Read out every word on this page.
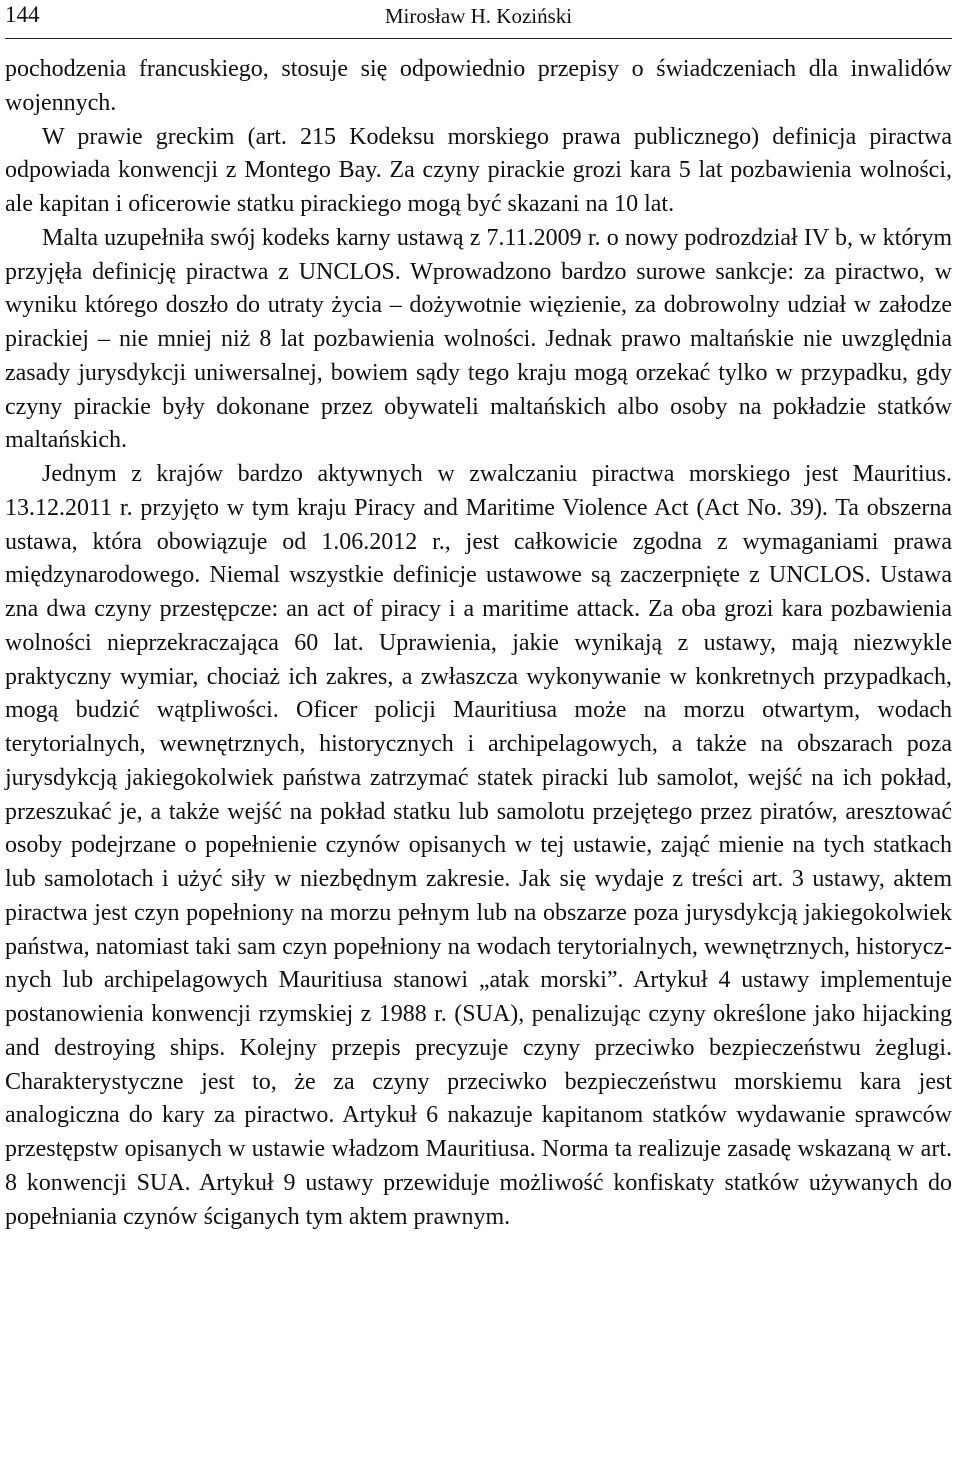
144	Mirosław H. Koziński

pochodzenia francuskiego, stosuje się odpowiednio przepisy o świadczeniach dla inwalidów wojennych.

W prawie greckim (art. 215 Kodeksu morskiego prawa publicznego) definicja piractwa odpowiada konwencji z Montego Bay. Za czyny pirackie grozi kara 5 lat pozbawienia wolności, ale kapitan i oficerowie statku pirackiego mogą być skazani na 10 lat.

Malta uzupełniła swój kodeks karny ustawą z 7.11.2009 r. o nowy podrozdział IV b, w którym przyjęła definicję piractwa z UNCLOS. Wprowadzono bardzo surowe sankcje: za piractwo, w wyniku którego doszło do utraty życia – dożywotnie więzienie, za dobrowolny udział w załodze pirackiej – nie mniej niż 8 lat pozbawienia wolności. Jednak prawo maltańskie nie uwzględnia zasady jurysdykcji uniwersalnej, bowiem sądy tego kraju mogą orzekać tylko w przypadku, gdy czyny pirackie były dokonane przez obywateli maltańskich albo osoby na pokładzie statków maltańskich.

Jednym z krajów bardzo aktywnych w zwalczaniu piractwa morskiego jest Mauritius. 13.12.2011 r. przyjęto w tym kraju Piracy and Maritime Violence Act (Act No. 39). Ta obszerna ustawa, która obowiązuje od 1.06.2012 r., jest całkowicie zgodna z wymaganiami prawa międzynarodowego. Niemal wszystkie definicje ustawowe są zaczerpnięte z UNCLOS. Ustawa zna dwa czyny przestępcze: an act of piracy i a maritime attack. Za oba grozi kara pozbawienia wolności nieprzekraczająca 60 lat. Uprawienia, jakie wynikają z ustawy, mają niezwykle praktyczny wymiar, chociaż ich zakres, a zwłaszcza wykonywanie w konkretnych przypadkach, mogą budzić wątpliwości. Oficer policji Mauritiusa może na morzu otwartym, wodach terytorialnych, wewnętrznych, historycznych i archipelagowych, a także na obszarach poza jurysdykcją jakiegokolwiek państwa zatrzymać statek piracki lub samolot, wejść na ich pokład, przeszukać je, a także wejść na pokład statku lub samolotu przejętego przez piratów, aresztować osoby podejrzane o popełnienie czynów opisanych w tej ustawie, zająć mienie na tych statkach lub samolotach i użyć siły w niezbędnym zakresie. Jak się wydaje z treści art. 3 ustawy, aktem piractwa jest czyn popełniony na morzu pełnym lub na obszarze poza jurysdykcją jakiegokolwiek państwa, natomiast taki sam czyn popełniony na wodach terytorialnych, wewnętrznych, historycznych lub archipelagowych Mauritiusa stanowi „atak morski”. Artykuł 4 ustawy implementuje postanowienia konwencji rzymskiej z 1988 r. (SUA), penalizując czyny określone jako hijacking and destroying ships. Kolejny przepis precyzuje czyny przeciwko bezpieczeństwu żeglugi. Charakterystyczne jest to, że za czyny przeciwko bezpieczeństwu morskiemu kara jest analogiczna do kary za piractwo. Artykuł 6 nakazuje kapitanom statków wydawanie sprawców przestępstw opisanych w ustawie władzom Mauritiusa. Norma ta realizuje zasadę wskazaną w art. 8 konwencji SUA. Artykuł 9 ustawy przewiduje możliwość konfiskaty statków używanych do popełniania czynów ściganych tym aktem prawnym.
